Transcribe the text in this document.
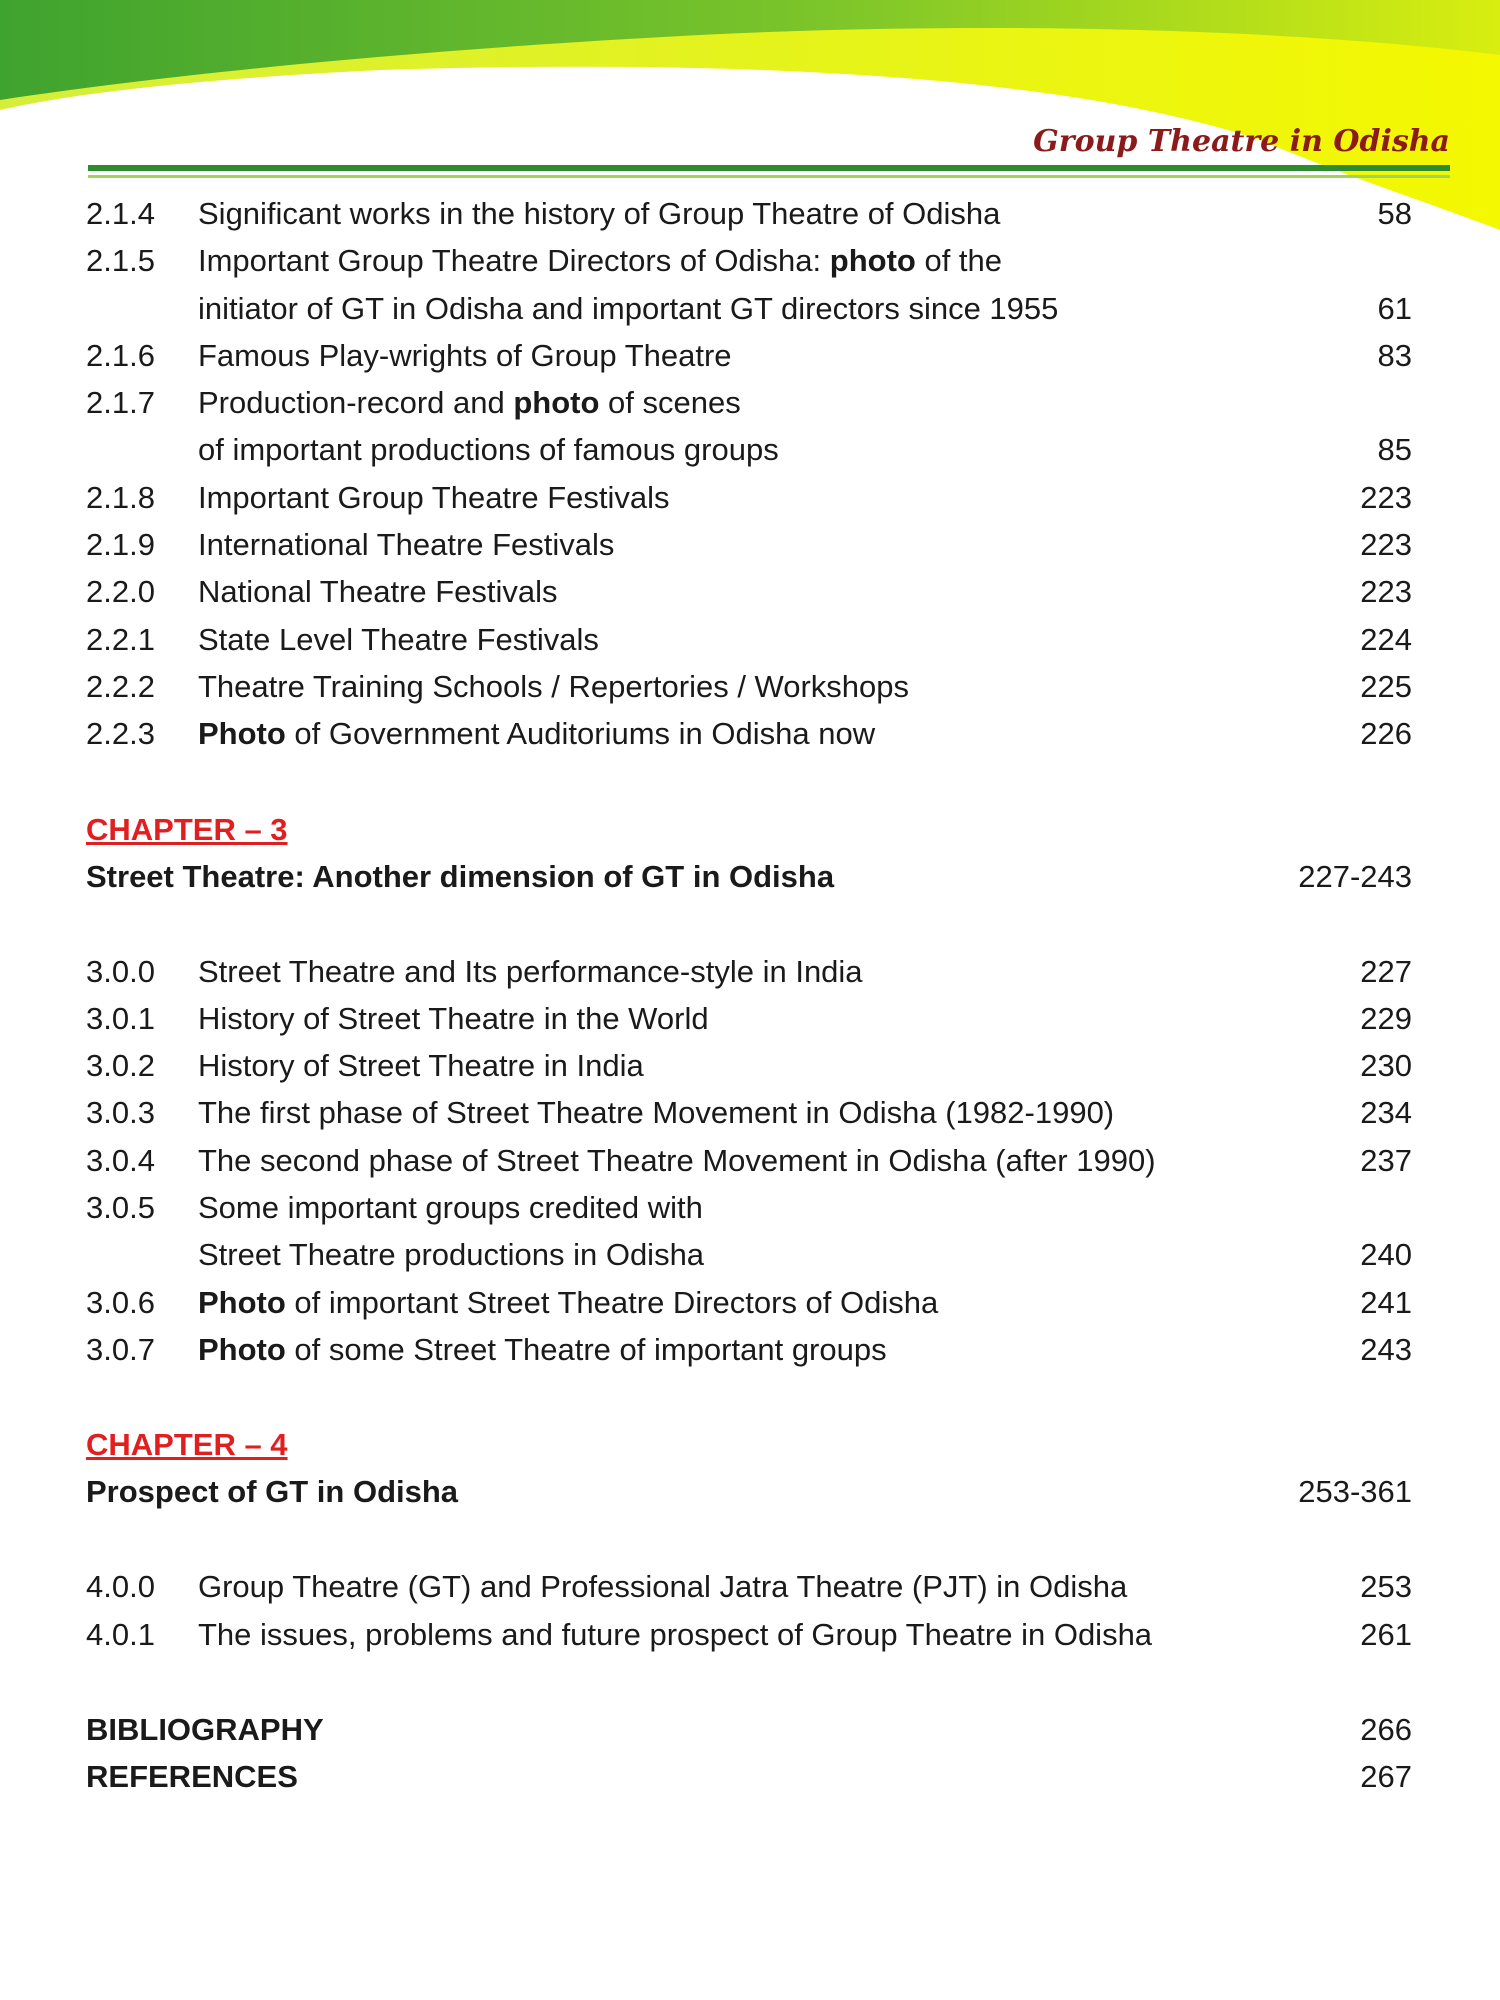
Group Theatre in Odisha
2.1.4 Significant works in the history of Group Theatre of Odisha	58
2.1.5 Important Group Theatre Directors of Odisha: photo of the
initiator of GT in Odisha and important GT directors since 1955	61
2.1.6 Famous Play-wrights of Group Theatre	83
2.1.7 Production-record and photo of scenes
of important productions of famous groups	85
2.1.8 Important Group Theatre Festivals	223
2.1.9 International Theatre Festivals	223
2.2.0 National Theatre Festivals	223
2.2.1 State Level Theatre Festivals	224
2.2.2 Theatre Training Schools / Repertories / Workshops	225
2.2.3 Photo of Government Auditoriums in Odisha now	226
CHAPTER – 3
Street Theatre: Another dimension of GT in Odisha	227-243
3.0.0 Street Theatre and Its performance-style in India	227
3.0.1 History of Street Theatre in the World	229
3.0.2 History of Street Theatre in India	230
3.0.3 The first phase of Street Theatre Movement in Odisha (1982-1990)	234
3.0.4 The second phase of Street Theatre Movement in Odisha (after 1990)	237
3.0.5 Some important groups credited with
Street Theatre productions in Odisha	240
3.0.6 Photo of important Street Theatre Directors of Odisha	241
3.0.7 Photo of some Street Theatre of important groups	243
CHAPTER – 4
Prospect of GT in Odisha	253-361
4.0.0 Group Theatre (GT) and Professional Jatra Theatre (PJT) in Odisha	253
4.0.1 The issues, problems and future prospect of Group Theatre in Odisha	261
BIBLIOGRAPHY	266
REFERENCES	267
